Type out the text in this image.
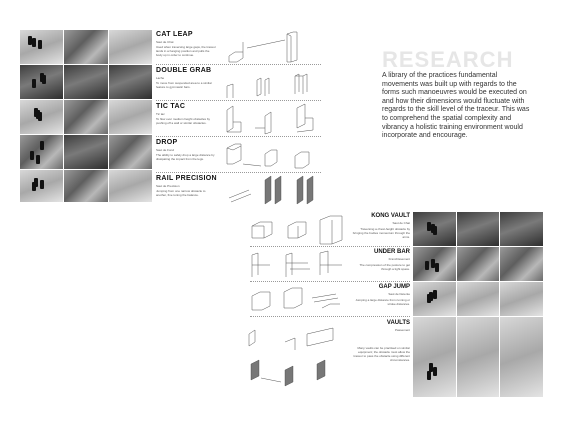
CAT LEAP
Saut de Chat
Used when traversing large gaps, the traceur lands in a hanging position and pulls the body up in order to continue.
DOUBLE GRAB
Lache
To move from suspended area to a similar feature to gymnastic bars.
TIC TAC
Tic tac
To flow over medium height obstacles by pushing off a wall or similar obstacles.
DROP
Saut de Fond
The ability to safely drop a large distance by dissipating the impact from the legs.
RAIL PRECISION
Saut de Precision
Jumping from one narrow obstacle to another, fine tuning the balance.
RESEARCH
A library of the practices fundamental movements was built up with regards to the forms such manoeuvres would be executed on and how their dimensions would fluctuate with regards to the skill level of the traceur. This was to comprehend the spatial complexity and vibrancy a holistic training environment would incorporate and encourage.
KONG VAULT
Saut de Chat
Traversing a chest-height obstacle by bringing the bodies momentum through the arms.
UNDER BAR
Franchissement
The compression of the posture to get through a tight space.
GAP JUMP
Saut de Detente
Jumping a large distance from running or stroke distances.
VAULTS
Passement
Many vaults can be practised on similar equipment; the obstacle must allow the traceur to pass the obstacle using different circumstances.
